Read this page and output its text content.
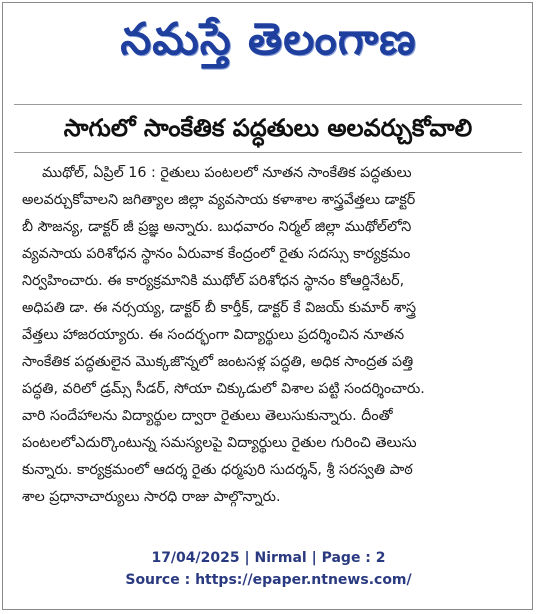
నమస్తే తెలంగాణ
సాగులో సాంకేతిక పద్ధతులు అలవర్చుకోవాలి
ముథోల్, ఏప్రిల్ 16 : రైతులు పంటలలో నూతన సాంకేతిక పద్ధతులు
అలవర్చుకోవాలని జగిత్యాల జిల్లా వ్యవసాయ కళాశాల శాస్త్రవేత్తలు డాక్టర్
బీ సౌజన్య, డాక్టర్ జీ ప్రజ్ఞ అన్నారు. బుధవారం నిర్మల్ జిల్లా ముథోల్‌లోని
వ్యవసాయ పరిశోధన స్థానం ఏరువాక కేంద్రంలో రైతు సదస్సు కార్యక్రమం
నిర్వహించారు. ఈ కార్యక్రమానికి ముథోల్ పరిశోధన స్థానం కోఆర్డినేటర్,
అధిపతి డా. ఈ నర్సయ్య, డాక్టర్ బీ కార్తీక్, డాక్టర్ కే విజయ్ కుమార్ శాస్త్ర
వేత్తలు హాజరయ్యారు. ఈ సందర్భంగా విద్యార్థులు ప్రదర్శించిన నూతన
సాంకేతిక పద్ధతులైన మొక్కజొన్నలో జంటసళ్ల పద్ధతి, అధిక సాంద్రత పత్తి
పద్ధతి, వరిలో డ్రమ్స్ సీడర్, సోయా చిక్కుడులో విశాల పట్టి సందర్శించారు.
వారి సందేహాలను విద్యార్థుల ద్వారా రైతులు తెలుసుకున్నారు. దీంతో
పంటలలోఎదుర్కొంటున్న సమస్యలపై విద్యార్థులు రైతుల గురించి తెలుసు
కున్నారు. కార్యక్రమంలో ఆదర్శ రైతు ధర్మపురి సుదర్శన్, శ్రీ సరస్వతి పాఠ
శాల ప్రధానాచార్యులు సారధి రాజు పాల్గొన్నారు.
17/04/2025 | Nirmal | Page : 2
Source : https://epaper.ntnews.com/
